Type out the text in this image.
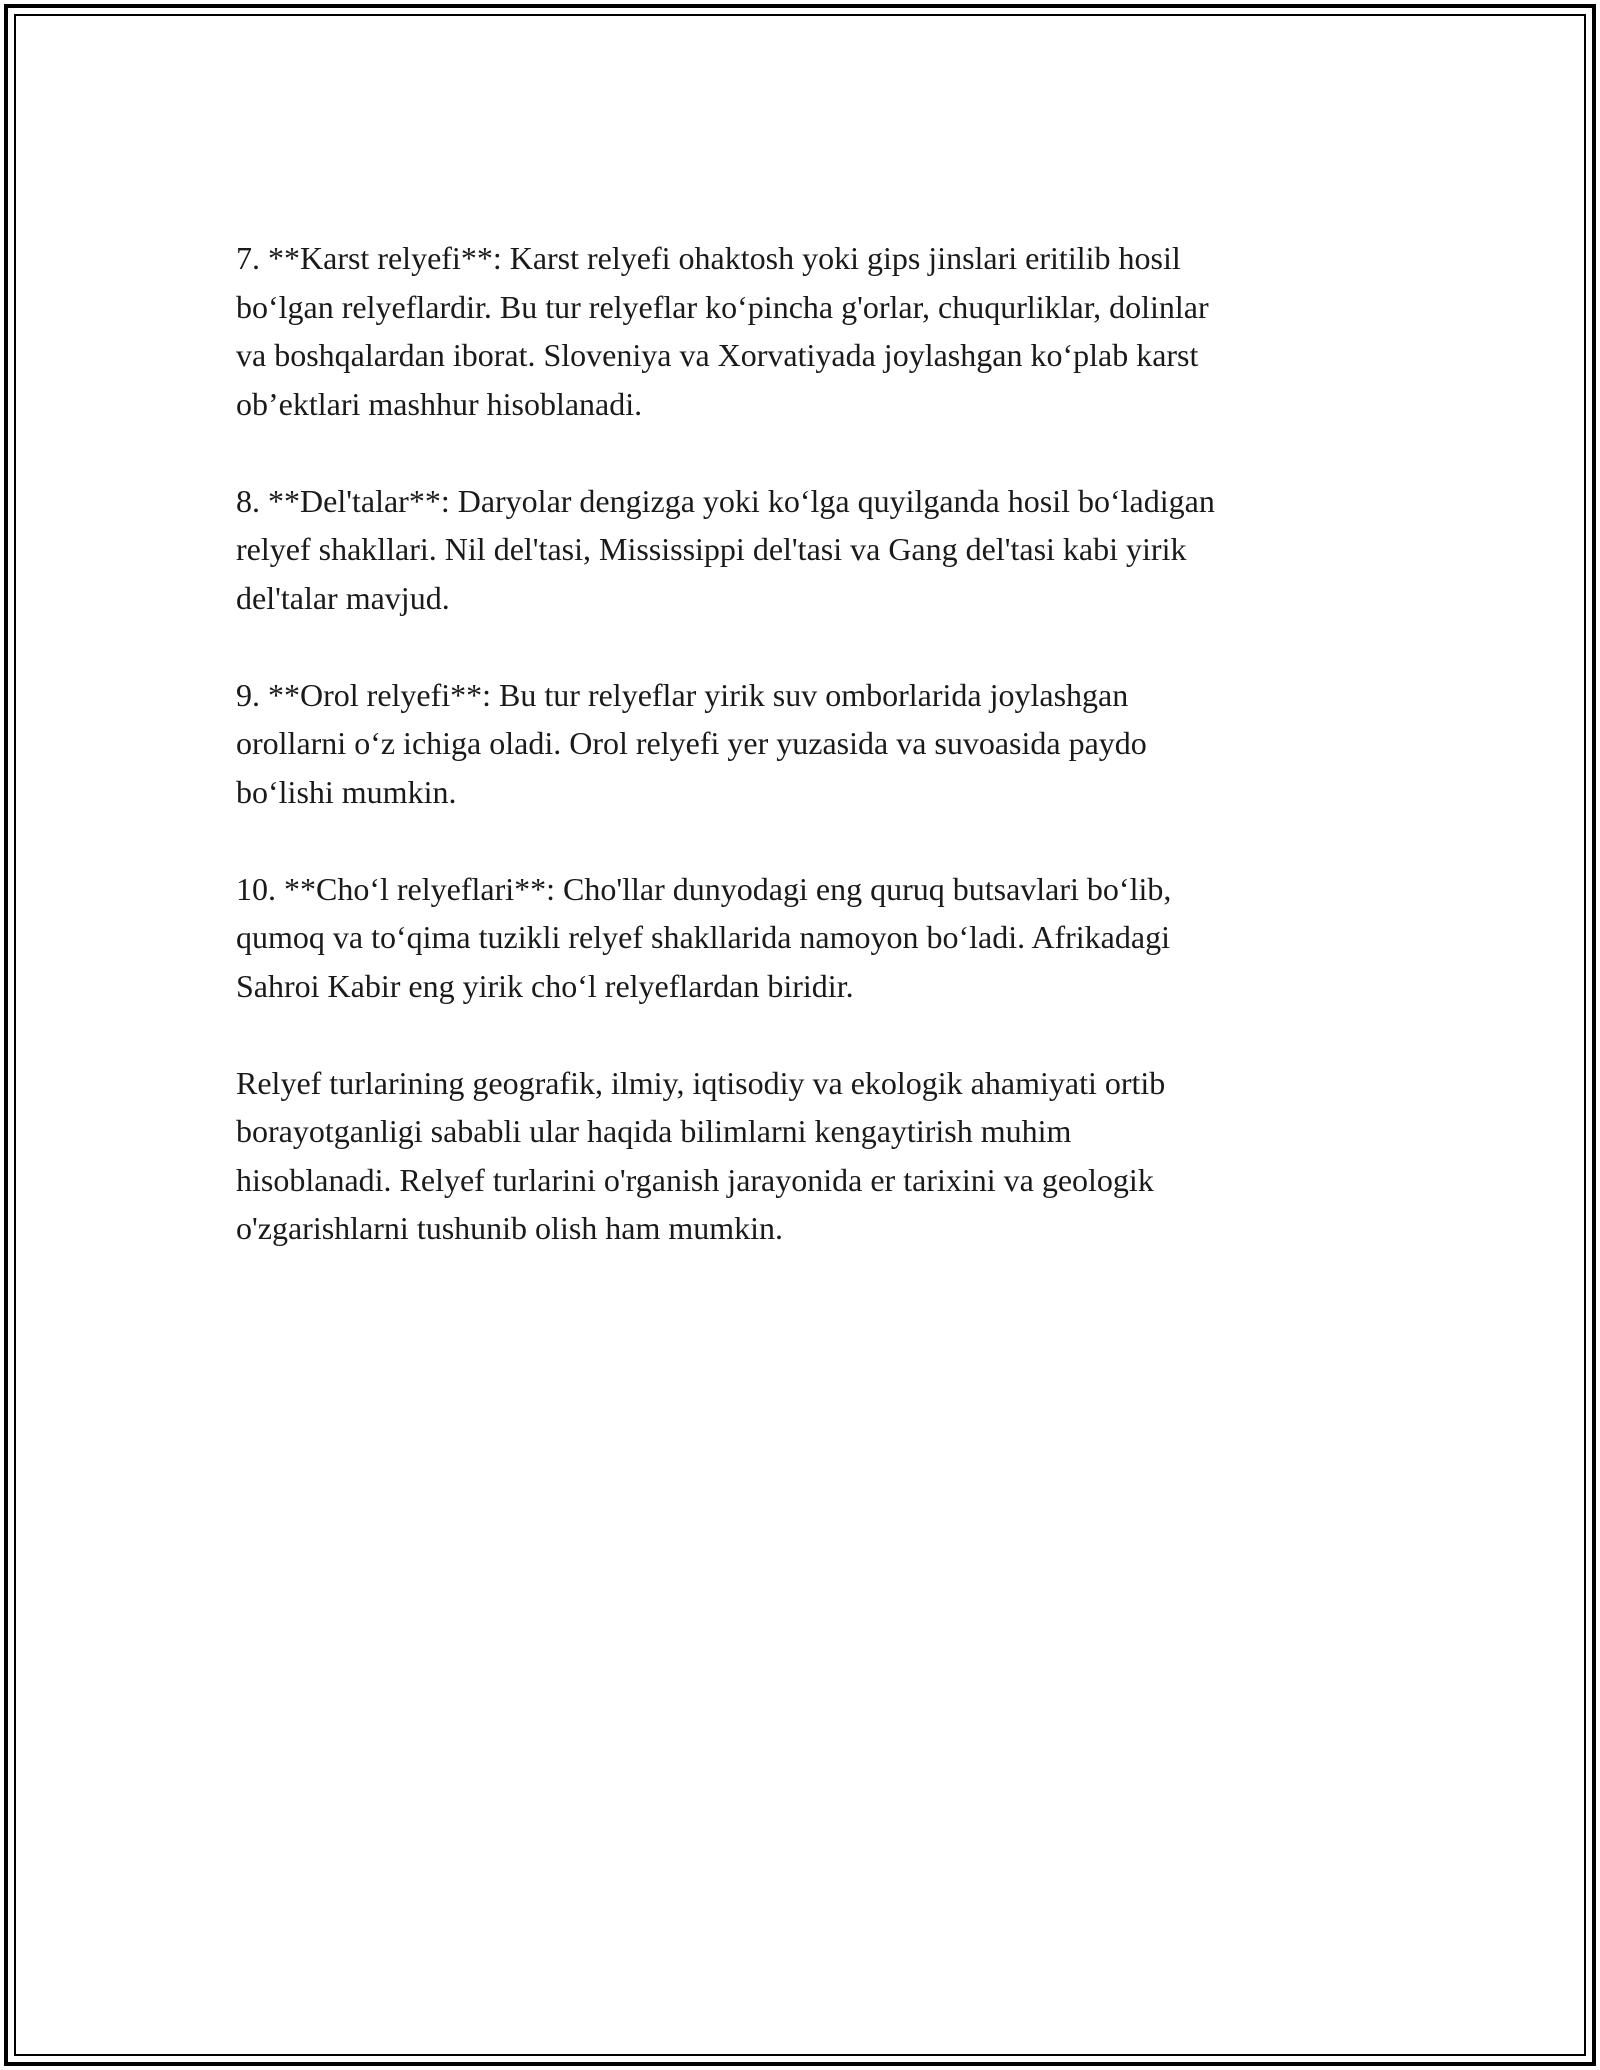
7. **Karst relyefi**: Karst relyefi ohaktosh yoki gips jinslari eritilib hosil
bo‘lgan relyeflardir. Bu tur relyeflar ko‘pincha g'orlar, chuqurliklar, dolinlar
va boshqalardan iborat. Sloveniya va Xorvatiyada joylashgan ko‘plab karst
ob’ektlari mashhur hisoblanadi.

8. **Del'talar**: Daryolar dengizga yoki ko‘lga quyilganda hosil bo‘ladigan
relyef shakllari. Nil del'tasi, Mississippi del'tasi va Gang del'tasi kabi yirik
del'talar mavjud.

9. **Orol relyefi**: Bu tur relyeflar yirik suv omborlarida joylashgan
orollarni o‘z ichiga oladi. Orol relyefi yer yuzasida va suvoasida paydo
bo‘lishi mumkin.

10. **Cho‘l relyeflari**: Cho'llar dunyodagi eng quruq butsavlari bo‘lib,
qumoq va to‘qima tuzikli relyef shakllarida namoyon bo‘ladi. Afrikadagi
Sahroi Kabir eng yirik cho‘l relyeflardan biridir.

Relyef turlarining geografik, ilmiy, iqtisodiy va ekologik ahamiyati ortib
borayotganligi sababli ular haqida bilimlarni kengaytirish muhim
hisoblanadi. Relyef turlarini o'rganish jarayonida er tarixini va geologik
o'zgarishlarni tushunib olish ham mumkin.
